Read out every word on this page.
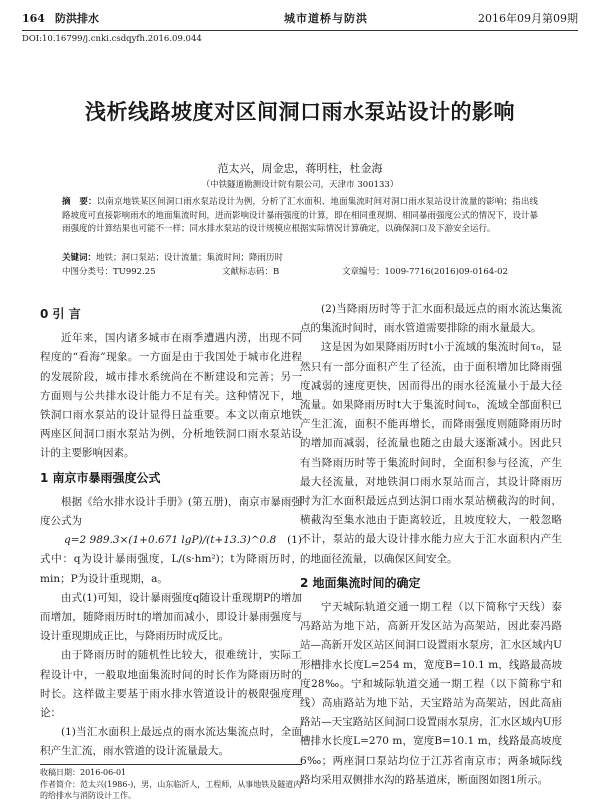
164 防洪排水	城市道桥与防洪	2016年09月第09期
DOI:10.16799/j.cnki.csdqyfh.2016.09.044
浅析线路坡度对区间洞口雨水泵站设计的影响
范太兴，周金忠，蒋明柱，杜金海
（中铁隧道勘测设计院有限公司，天津市 300133）
摘　要：以南京地铁某区间洞口雨水泵站设计为例，分析了汇水面积、地面集流时间对洞口雨水泵站设计流量的影响；指出线路坡度可直接影响雨水的地面集流时间，进而影响设计暴雨强度的计算，即在相同重现期、相同暴雨强度公式的情况下，设计暴雨强度的计算结果也可能不一样；同水排水泵站的设计规模应根据实际情况计算确定，以确保洞口及下游安全运行。
关键词：地铁；洞口泵站；设计流量；集流时间；降雨历时
中图分类号：TU992.25	文献标志码：B	文章编号：1009-7716(2016)09-0164-02
0 引 言

近年来，国内诸多城市在雨季遭遇内涝，出现不同程度的“看海”现象。一方面是由于我国处于城市化进程的发展阶段，城市排水系统尚在不断建设和完善；另一方面则与公共排水设计能力不足有关。这种情况下，地铁洞口雨水泵站的设计显得日益重要。本文以南京地铁两座区间洞口雨水泵站为例，分析地铁洞口雨水泵站设计的主要影响因素。

1 南京市暴雨强度公式

根据《给水排水设计手册》(第五册)，南京市暴雨强度公式为

q=2 989.3×(1+0.671 lgP)/(t+13.3)^0.8 (1)

式中：q为设计暴雨强度，L/(s·hm²)；t为降雨历时，min；P为设计重现期，a。

由式(1)可知，设计暴雨强度q随设计重现期P的增加而增加，随降雨历时t的增加而减小，即设计暴雨强度与设计重现期成正比，与降雨历时成反比。

由于降雨历时的随机性比较大，很难统计，实际工程设计中，一般取地面集流时间的时长作为降雨历时的时长。这样做主要基于雨水排水管道设计的极限强度理论：

(1)当汇水面积上最远点的雨水流达集流点时，全面积产生汇流，雨水管道的设计流量最大。

(2)当降雨历时等于汇水面积最远点的雨水流达集流点的集流时间时，雨水管道需要排除的雨水量最大。

这是因为如果降雨历时t小于流域的集流时间τ₀，显然只有一部分面积产生了径流，由于面积增加比降雨强度减弱的速度更快，因而得出的雨水径流量小于最大径流量。如果降雨历时t大于集流时间τ₀，流域全部面积已产生汇流，面积不能再增长，而降雨强度则随降雨历时的增加而减弱，径流量也随之由最大逐渐减小。因此只有当降雨历时等于集流时间时，全面积参与径流，产生最大径流量，对地铁洞口雨水泵站而言，其设计降雨历时为汇水面积最远点到达洞口雨水泵站横截沟的时间，横截沟至集水池由于距离较近，且坡度较大，一般忽略不计，泵站的最大设计排水能力应大于汇水面积内产生的地面径流量，以确保区间安全。

2 地面集流时间的确定

宁天城际轨道交通一期工程（以下简称宁天线）泰冯路站为地下站，高新开发区站为高架站，因此泰冯路站—高新开发区站区间洞口设置雨水泵房，汇水区域内U形槽排水长度L=254 m，宽度B=10.1 m，线路最高坡度28‰。宁和城际轨道交通一期工程（以下简称宁和线）高庙路站为地下站，天宝路站为高架站，因此高庙路站—天宝路站区间洞口设置雨水泵房，汇水区域内U形槽排水长度L=270 m，宽度B=10.1 m，线路最高坡度6‰；两座洞口泵站均位于江苏省南京市；两条城际线路均采用双侧排水沟的路基道床，断面图如图1所示。

收稿日期：2016-06-01
作者简介：范太兴(1986-)，男，山东临沂人，工程师，从事地铁及隧道内的给排水与消防设计工作。
